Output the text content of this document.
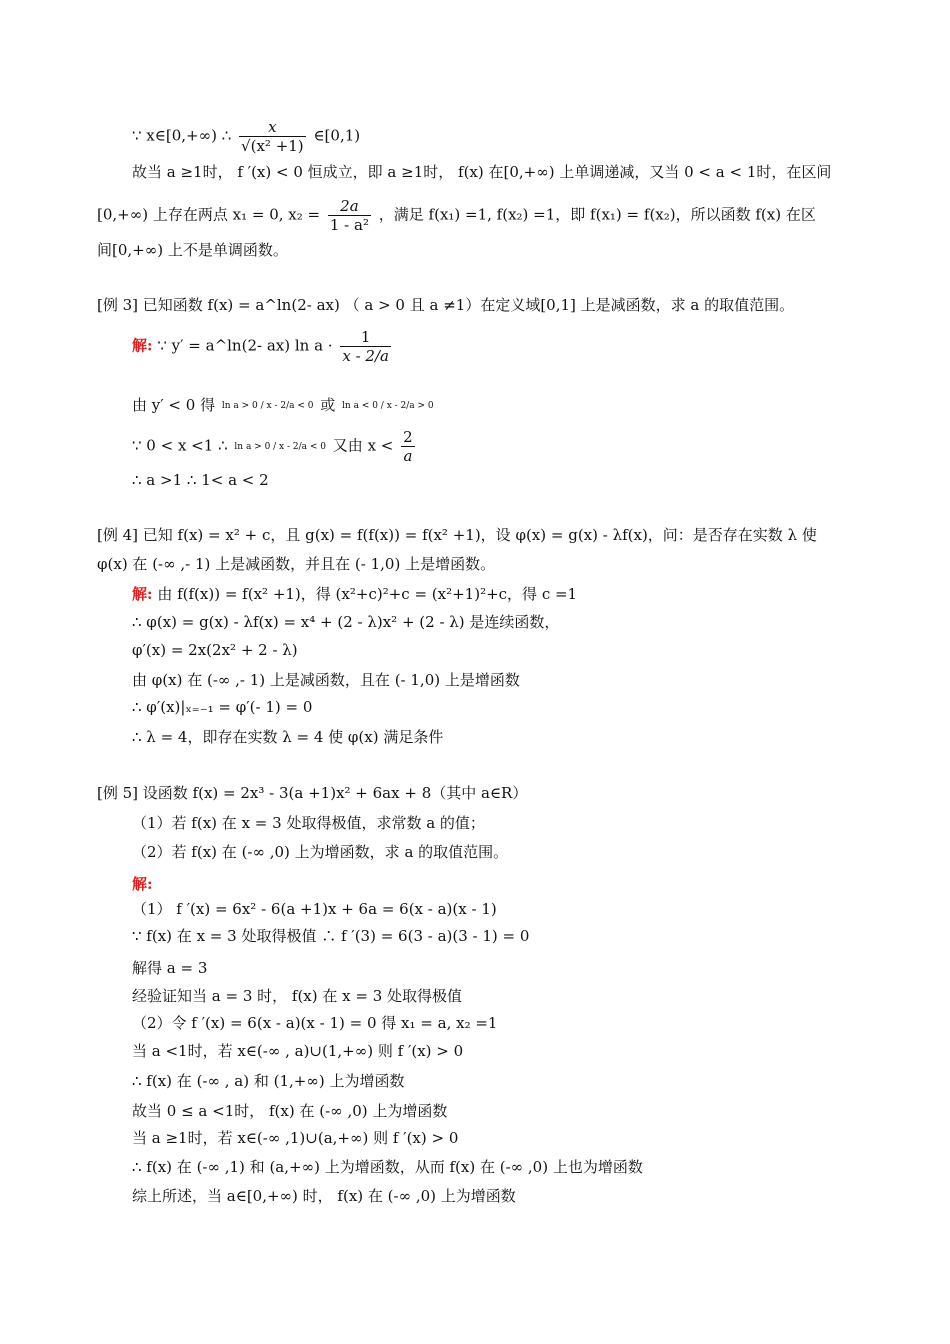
∵ x∈[0,+∞) ∴ $\frac{x}{\text{√(x² +1)}}$ ∈[0,1)
故当 a ≥1时， f ′(x) < 0 恒成立，即 a ≥1时， f(x) 在[0,+∞) 上单调递减，又当 0 < a < 1时，在区间
[0,+∞) 上存在两点 x₁ = 0, $x_2 = \frac{2a}{\text{1 - a²}}$ ，满足 f(x₁) =1, f(x₂) =1，即 f(x₁) = f(x₂)，所以函数 f(x) 在区
间[0,+∞) 上不是单调函数。
[例 3] 已知函数 f(x) = a^ln(2- ax) （ a > 0 且 a ≠1）在定义域[0,1] 上是减函数，求 a 的取值范围。
解: ∵ y′ = a^ln(2- ax) $\ln a \cdot \frac{1}{x - 2/a}$
由 y′ < 0 得 ln a > 0 / x - 2/a < 0 或 ln a < 0 / x - 2/a > 0
∵ 0 < x <1 ∴ ln a > 0 / x - 2/a < 0 又由 $x < \frac{2}{a}$
∴ a >1 ∴ 1< a < 2
[例 4] 已知 f(x) = x² + c，且 g(x) = f(f(x)) = f(x² +1)，设 φ(x) = g(x) - λf(x)，问：是否存在实数 λ 使
φ(x) 在 (-∞ ,- 1) 上是减函数，并且在 (- 1,0) 上是增函数。
解: 由 f(f(x)) = f(x² +1)，得 (x²+c)²+c = (x²+1)²+c，得 c =1
∴ φ(x) = g(x) - λf(x) = x⁴ + (2 - λ)x² + (2 - λ) 是连续函数，
φ′(x) = 2x(2x² + 2 - λ)
由 φ(x) 在 (-∞ ,- 1) 上是减函数，且在 (- 1,0) 上是增函数
∴ φ′(x)|ₓ₌₋₁ = φ′(- 1) = 0
∴ λ = 4，即存在实数 λ = 4 使 φ(x) 满足条件
[例 5] 设函数 f(x) = 2x³ - 3(a +1)x² + 6ax + 8（其中 a∈R）
（1）若 f(x) 在 x = 3 处取得极值，求常数 a 的值；
（2）若 f(x) 在 (-∞ ,0) 上为增函数，求 a 的取值范围。
解:
（1） f ′(x) = 6x² - 6(a +1)x + 6a = 6(x - a)(x - 1)
∵ f(x) 在 x = 3 处取得极值 ∴ f ′(3) = 6(3 - a)(3 - 1) = 0
解得 a = 3
经验证知当 a = 3 时， f(x) 在 x = 3 处取得极值
（2）令 f ′(x) = 6(x - a)(x - 1) = 0 得 x₁ = a, x₂ =1
当 a <1时，若 x∈(-∞ , a)∪(1,+∞) 则 f ′(x) > 0
∴ f(x) 在 (-∞ , a) 和 (1,+∞) 上为增函数
故当 0 ≤ a <1时， f(x) 在 (-∞ ,0) 上为增函数
当 a ≥1时，若 x∈(-∞ ,1)∪(a,+∞) 则 f ′(x) > 0
∴ f(x) 在 (-∞ ,1) 和 (a,+∞) 上为增函数，从而 f(x) 在 (-∞ ,0) 上也为增函数
综上所述，当 a∈[0,+∞) 时， f(x) 在 (-∞ ,0) 上为增函数
